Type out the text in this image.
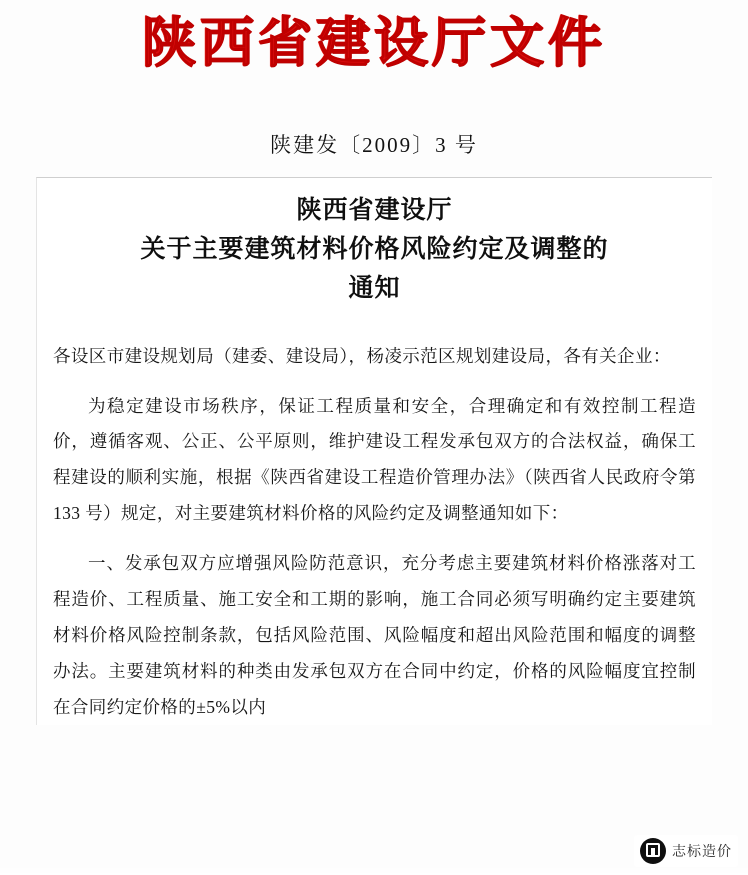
陕西省建设厅文件
陕建发〔2009〕3 号
陕西省建设厅
关于主要建筑材料价格风险约定及调整的
通知
各设区市建设规划局（建委、建设局），杨凌示范区规划建设局，各有关企业：
为稳定建设市场秩序，保证工程质量和安全，合理确定和有效控制工程造价，遵循客观、公正、公平原则，维护建设工程发承包双方的合法权益，确保工程建设的顺利实施，根据《陕西省建设工程造价管理办法》（陕西省人民政府令第 133 号）规定，对主要建筑材料价格的风险约定及调整通知如下：
一、发承包双方应增强风险防范意识，充分考虑主要建筑材料价格涨落对工程造价、工程质量、施工安全和工期的影响，施工合同必须写明确约定主要建筑材料价格风险控制条款，包括风险范围、风险幅度和超出风险范围和幅度的调整办法。主要建筑材料的种类由发承包双方在合同中约定，价格的风险幅度宜控制在合同约定价格的±5%以内
志标造价
